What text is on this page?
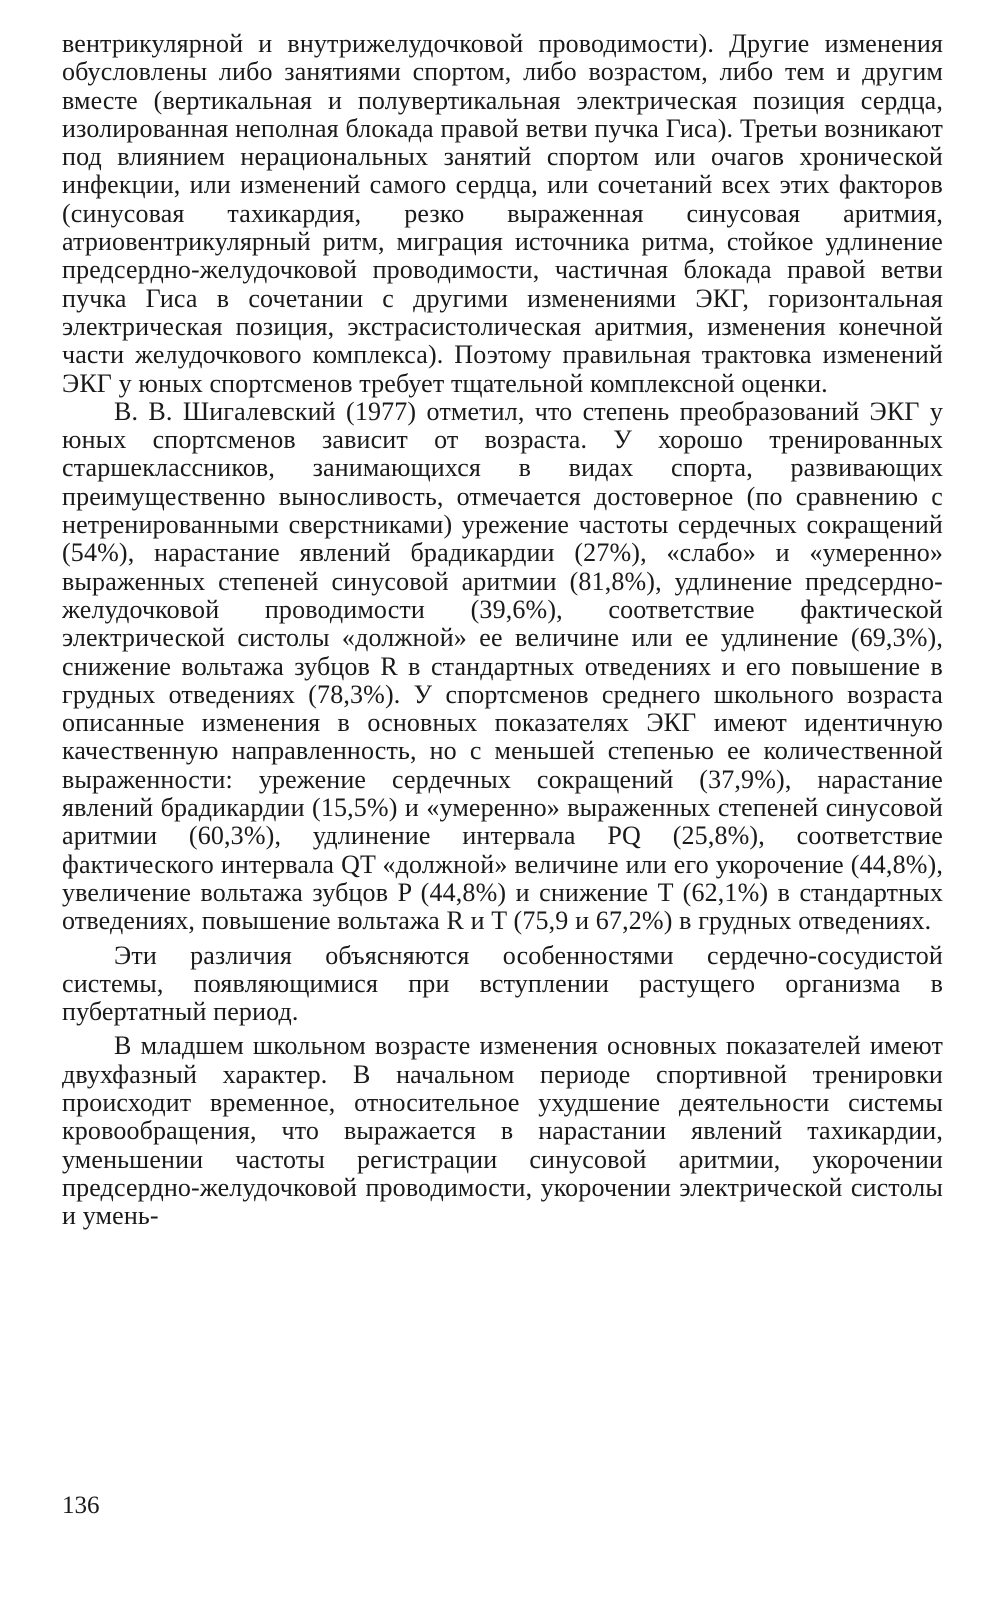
вентрикулярной и внутрижелудочковой проводимости). Другие изменения обусловлены либо занятиями спортом, либо возрастом, либо тем и другим вместе (вертикальная и полувертикальная электрическая позиция сердца, изолированная неполная блокада правой ветви пучка Гиса). Третьи возникают под влиянием нерациональных занятий спортом или очагов хронической инфекции, или изменений самого сердца, или сочетаний всех этих факторов (синусовая тахикардия, резко выраженная синусовая аритмия, атриовентрикулярный ритм, миграция источника ритма, стойкое удлинение предсердно-желудочковой проводимости, частичная блокада правой ветви пучка Гиса в сочетании с другими изменениями ЭКГ, горизонтальная электрическая позиция, экстрасистолическая аритмия, изменения конечной части желудочкового комплекса). Поэтому правильная трактовка изменений ЭКГ у юных спортсменов требует тщательной комплексной оценки.

В. В. Шигалевский (1977) отметил, что степень преобразований ЭКГ у юных спортсменов зависит от возраста. У хорошо тренированных старшеклассников, занимающихся в видах спорта, развивающих преимущественно выносливость, отмечается достоверное (по сравнению с нетренированными сверстниками) урежение частоты сердечных сокращений (54%), нарастание явлений брадикардии (27%), «слабо» и «умеренно» выраженных степеней синусовой аритмии (81,8%), удлинение предсердно-желудочковой проводимости (39,6%), соответствие фактической электрической систолы «должной» ее величине или ее удлинение (69,3%), снижение вольтажа зубцов R в стандартных отведениях и его повышение в грудных отведениях (78,3%). У спортсменов среднего школьного возраста описанные изменения в основных показателях ЭКГ имеют идентичную качественную направленность, но с меньшей степенью ее количественной выраженности: урежение сердечных сокращений (37,9%), нарастание явлений брадикардии (15,5%) и «умеренно» выраженных степеней синусовой аритмии (60,3%), удлинение интервала PQ (25,8%), соответствие фактического интервала QT «должной» величине или его укорочение (44,8%), увеличение вольтажа зубцов P (44,8%) и снижение T (62,1%) в стандартных отведениях, повышение вольтажа R и T (75,9 и 67,2%) в грудных отведениях.

Эти различия объясняются особенностями сердечно-сосудистой системы, появляющимися при вступлении растущего организма в пубертатный период.

В младшем школьном возрасте изменения основных показателей имеют двухфазный характер. В начальном периоде спортивной тренировки происходит временное, относительное ухудшение деятельности системы кровообращения, что выражается в нарастании явлений тахикардии, уменьшении частоты регистрации синусовой аритмии, укорочении предсердно-желудочковой проводимости, укорочении электрической систолы и умень-

136
